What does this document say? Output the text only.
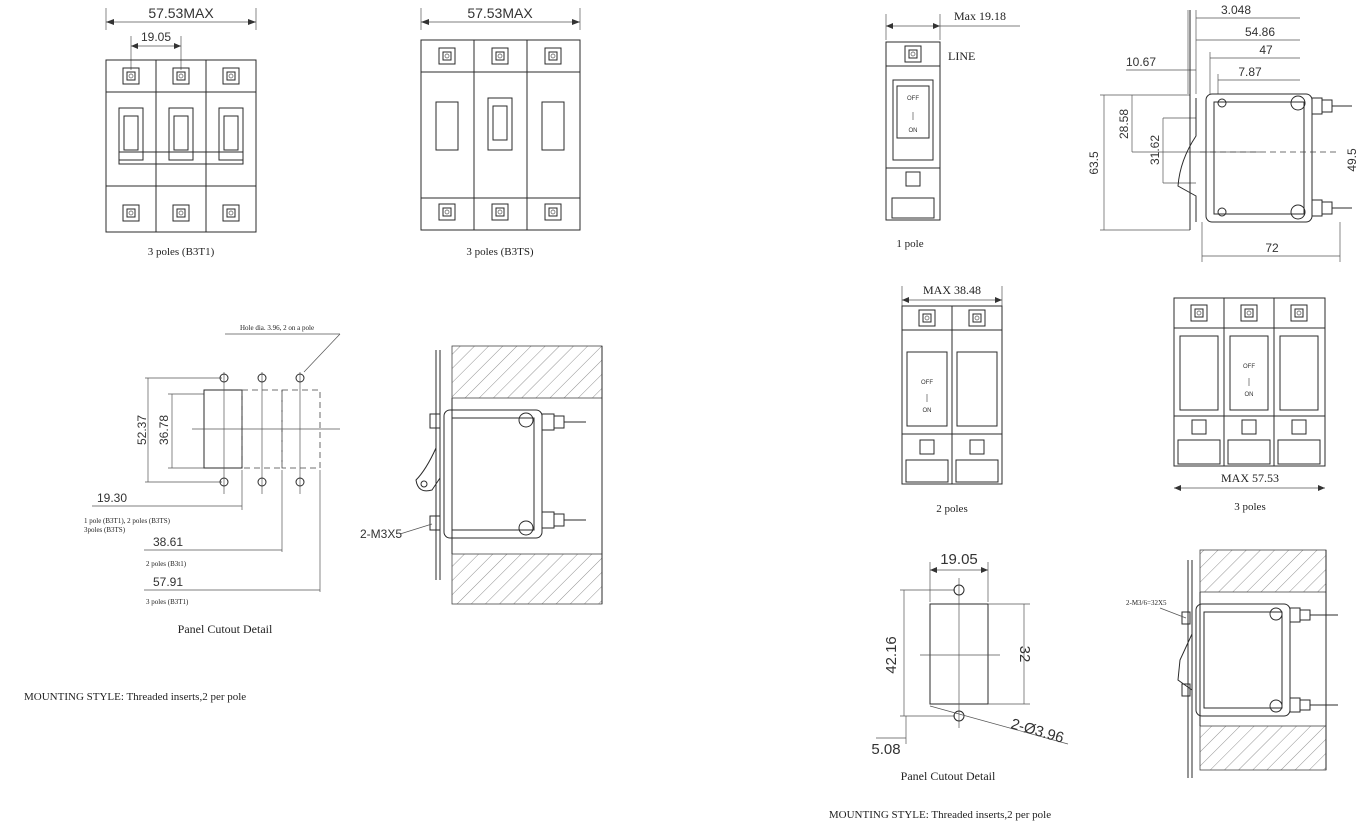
57.53MAX
19.05
3 poles (B3T1)
57.53MAX
3 poles (B3TS)
Max 19.18
LINE
OFF
ON
1 pole
3.048
54.86
47
10.67
7.87
63.5
28.58
31.62	49.5
72
MAX 38.48
OFF
ON
2 poles
OFF
ON
MAX 57.53
3 poles
Hole dia. 3.96, 2 on a pole
52.37 36.78
19.30
1 pole (B3T1), 2 poles (B3TS)
3poles (B3TS)
38.61
2 poles (B3t1)
57.91
3 poles (B3T1)
Panel Cutout Detail
2-M3X5
MOUNTING STYLE: Threaded inserts,2 per pole
19.05
42.16	32
2-Ø3.96
5.08
Panel Cutout Detail
2-M3/6=32X5
MOUNTING STYLE: Threaded inserts,2 per pole
